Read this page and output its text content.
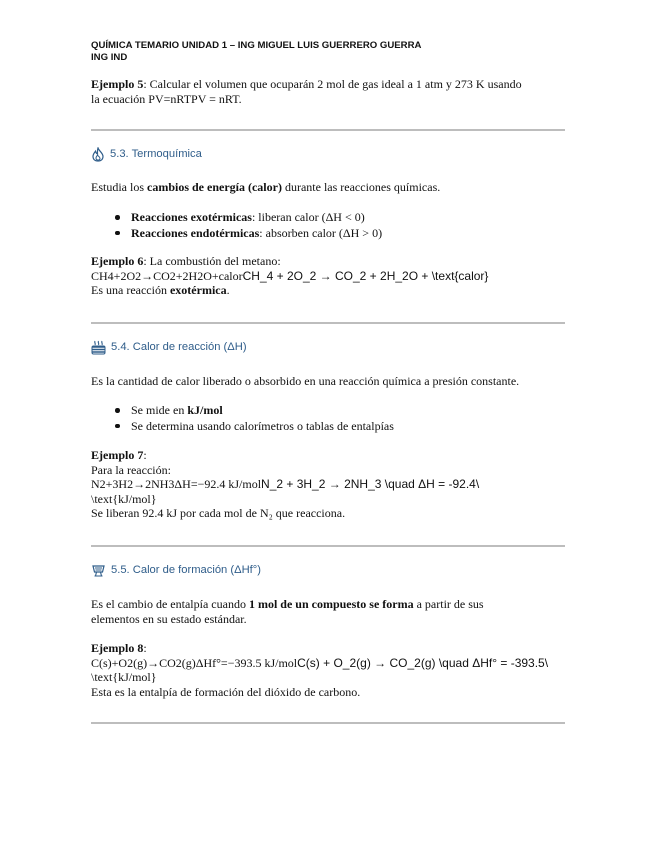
QUÍMICA TEMARIO UNIDAD 1 – ING MIGUEL LUIS GUERRERO GUERRA
ING IND
Ejemplo 5: Calcular el volumen que ocuparán 2 mol de gas ideal a 1 atm y 273 K usando
la ecuación PV=nRTPV = nRT.
5.3. Termoquímica
Estudia los cambios de energía (calor) durante las reacciones químicas.
Reacciones exotérmicas: liberan calor (ΔH < 0)
Reacciones endotérmicas: absorben calor (ΔH > 0)
Ejemplo 6: La combustión del metano:
CH4+2O2→CO2+2H2O+calorCH_4 + 2O_2 → CO_2 + 2H_2O + \text{calor}
Es una reacción exotérmica.
5.4. Calor de reacción (ΔH)
Es la cantidad de calor liberado o absorbido en una reacción química a presión constante.
Se mide en kJ/mol
Se determina usando calorímetros o tablas de entalpías
Ejemplo 7:
Para la reacción:
N2+3H2→2NH3ΔH=−92.4 kJ/molN_2 + 3H_2 → 2NH_3 \quad ΔH = -92.4\
\text{kJ/mol}
Se liberan 92.4 kJ por cada mol de N₂ que reacciona.
5.5. Calor de formación (ΔHf°)
Es el cambio de entalpía cuando 1 mol de un compuesto se forma a partir de sus
elementos en su estado estándar.
Ejemplo 8:
C(s)+O2(g)→CO2(g)ΔHf°=−393.5 kJ/molC(s) + O_2(g) → CO_2(g) \quad ΔHf° = -393.5\
\text{kJ/mol}
Esta es la entalpía de formación del dióxido de carbono.
